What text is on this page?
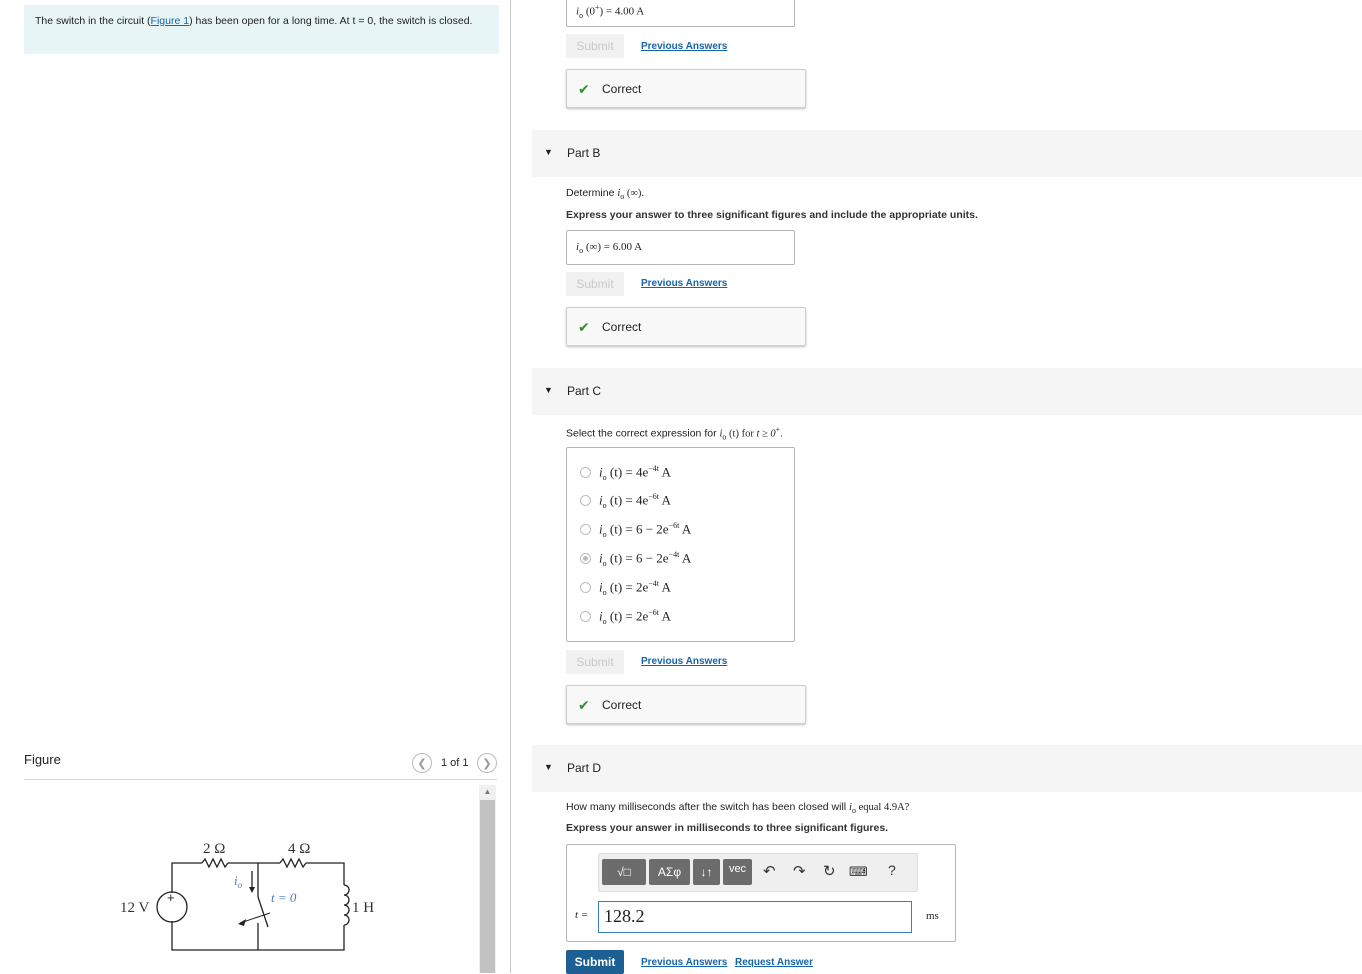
The switch in the circuit (Figure 1) has been open for a long time. At t = 0, the switch is closed.
Figure	❮ 1 of 1 ❯
▲
+
12 V
2 Ω	4 Ω
1 H
t = 0
$i_o$
$i_o$ (0+) = 4.00 A
Submit	Previous Answers
✔ Correct
▼ Part B
Determine $i_o$ (∞).
Express your answer to three significant figures and include the appropriate units.
$i_o$ (∞) = 6.00 A
Submit	Previous Answers
✔ Correct
▼ Part C
Select the correct expression for $i_o$ (t) for t ≥ 0+.
$i_o$ $(t) = 4e^{-4t}$ A
$i_o$ $(t) = 4e^{-6t}$ A
$i_o$ $(t) = 6 - 2e^{-6t}$ A
$i_o$ $(t) = 6 - 2e^{-4t}$ A
$i_o$ $(t) = 2e^{-4t}$ A
$i_o$ $(t) = 2e^{-6t}$ A
Submit	Previous Answers
✔ Correct
▼ Part D
How many milliseconds after the switch has been closed will $i_o$ equal 4.9A?
Express your answer in milliseconds to three significant figures.
√□	ΑΣφ	↓↑	vec	↶ ↷ ↻ ⌨ ?
t = 128.2	ms
Submit	Previous Answers Request Answer
